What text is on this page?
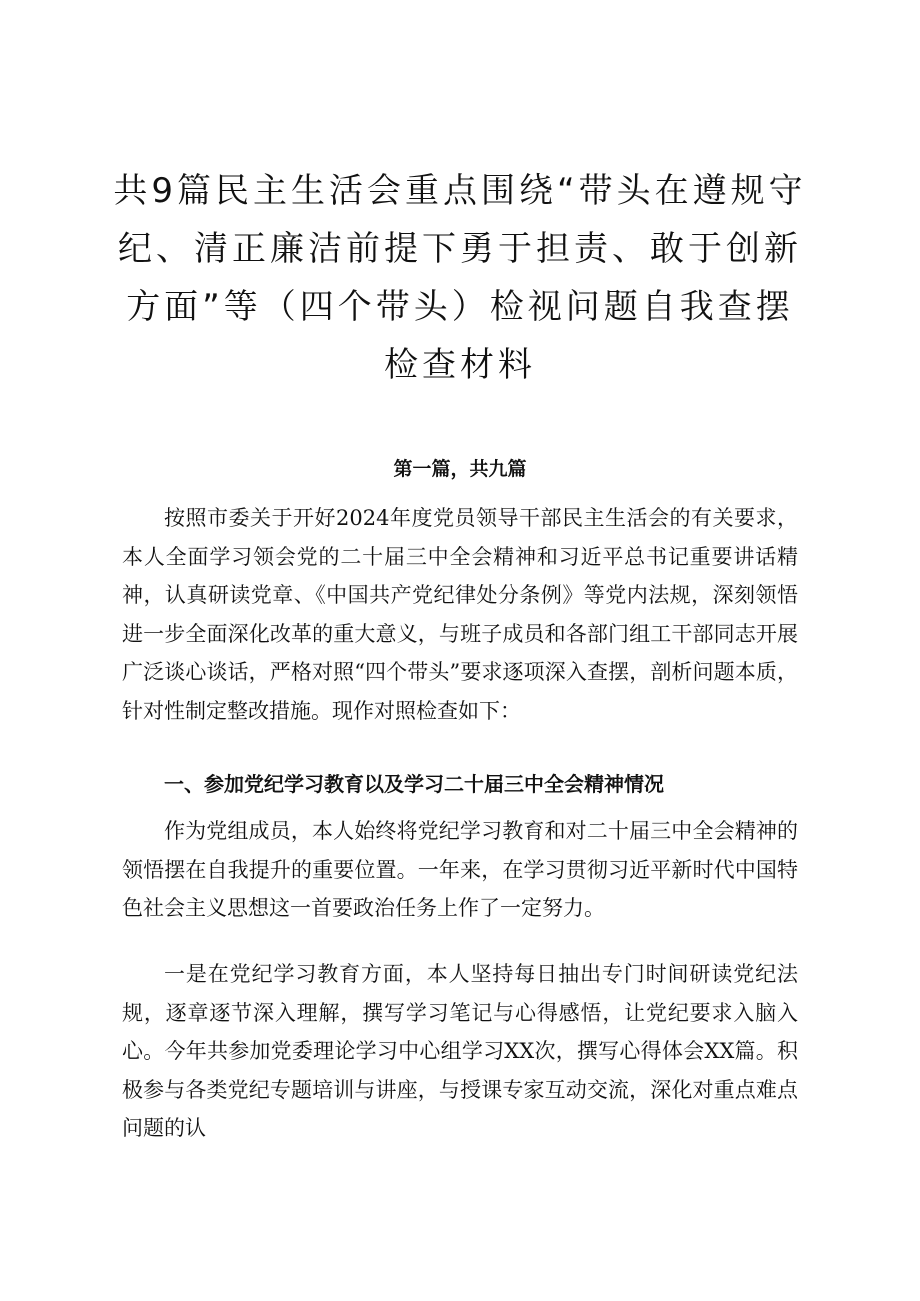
共9篇民主生活会重点围绕“带头在遵规守纪、清正廉洁前提下勇于担责、敢于创新方面”等（四个带头）检视问题自我查摆检查材料

第一篇，共九篇

按照市委关于开好2024年度党员领导干部民主生活会的有关要求，本人全面学习领会党的二十届三中全会精神和习近平总书记重要讲话精神，认真研读党章、《中国共产党纪律处分条例》等党内法规，深刻领悟进一步全面深化改革的重大意义，与班子成员和各部门组工干部同志开展广泛谈心谈话，严格对照“四个带头”要求逐项深入查摆，剖析问题本质，针对性制定整改措施。现作对照检查如下：

一、参加党纪学习教育以及学习二十届三中全会精神情况

作为党组成员，本人始终将党纪学习教育和对二十届三中全会精神的领悟摆在自我提升的重要位置。一年来，在学习贯彻习近平新时代中国特色社会主义思想这一首要政治任务上作了一定努力。

一是在党纪学习教育方面，本人坚持每日抽出专门时间研读党纪法规，逐章逐节深入理解，撰写学习笔记与心得感悟，让党纪要求入脑入心。今年共参加党委理论学习中心组学习XX次，撰写心得体会XX篇。积极参与各类党纪专题培训与讲座，与授课专家互动交流，深化对重点难点问题的认
